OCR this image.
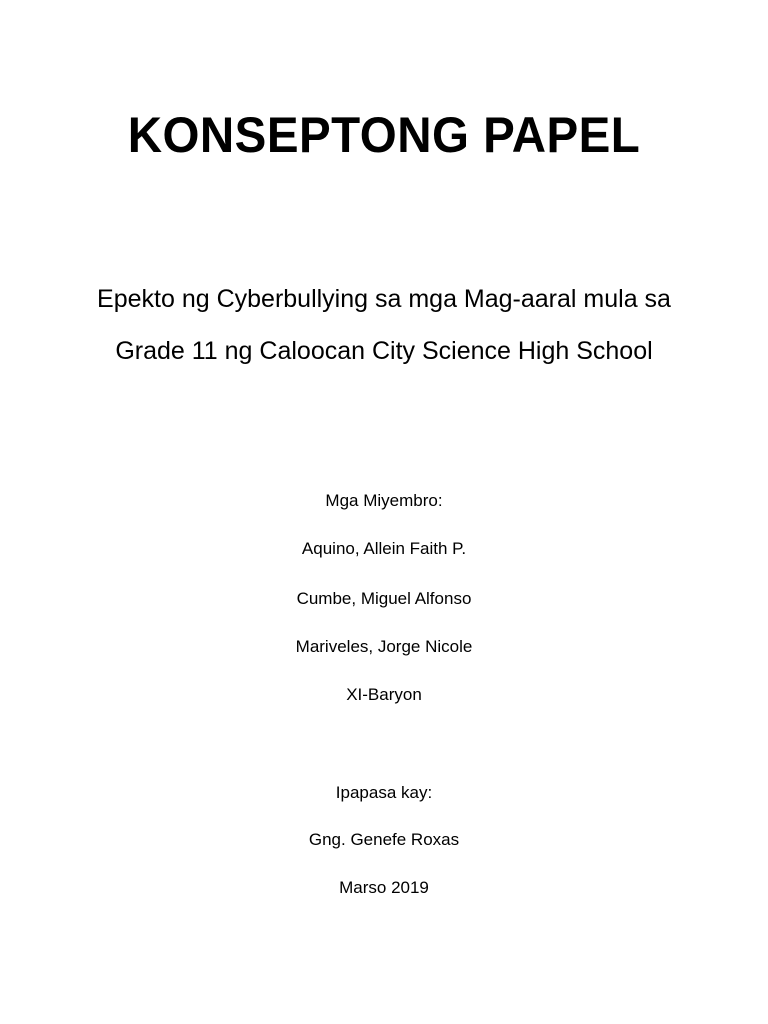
KONSEPTONG PAPEL
Epekto ng Cyberbullying sa mga Mag-aaral mula sa
Grade 11 ng Caloocan City Science High School
Mga Miyembro:
Aquino, Allein Faith P.
Cumbe, Miguel Alfonso
Mariveles, Jorge Nicole
XI-Baryon
Ipapasa kay:
Gng. Genefe Roxas
Marso 2019
